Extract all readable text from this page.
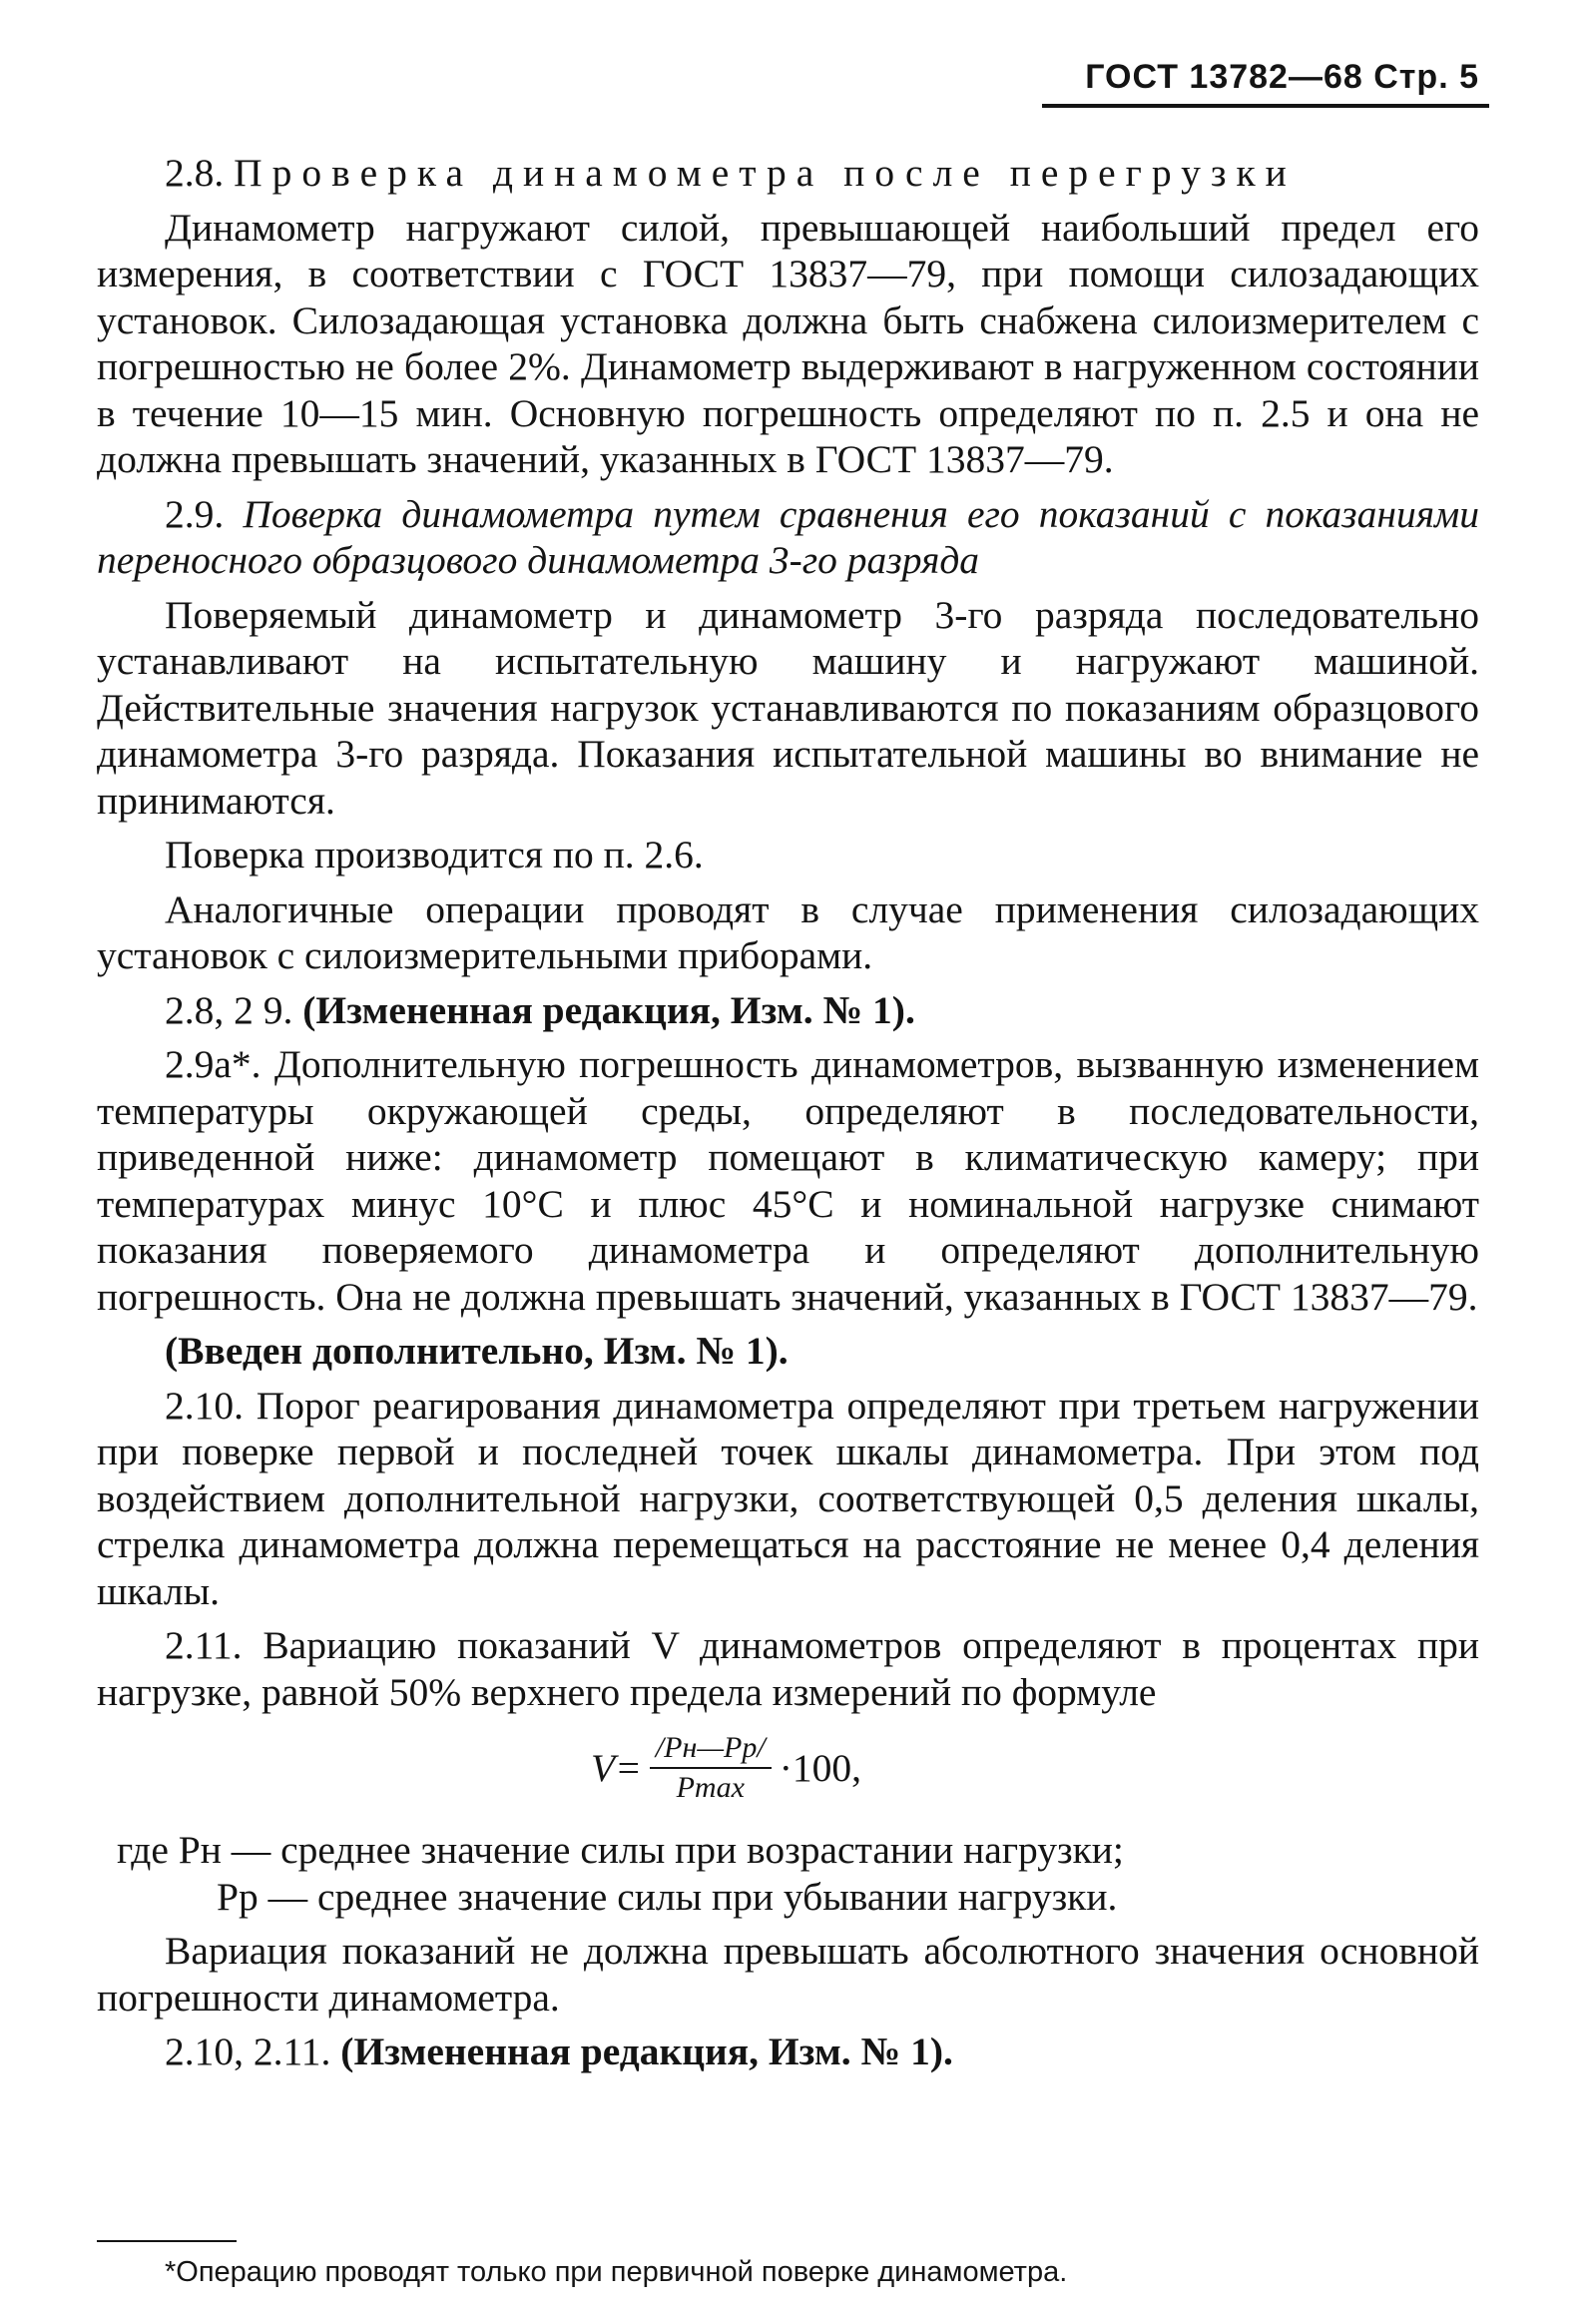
ГОСТ 13782—68 Стр. 5
2.8. Проверка динамометра после перегрузки

Динамометр нагружают силой, превышающей наибольший предел его измерения, в соответствии с ГОСТ 13837—79, при помощи силозадающих установок. Силозадающая установка должна быть снабжена силоизмерителем с погрешностью не более 2%. Динамометр выдерживают в нагруженном состоянии в течение 10—15 мин. Основную погрешность определяют по п. 2.5 и она не должна превышать значений, указанных в ГОСТ 13837—79.

2.9. Поверка динамометра путем сравнения его показаний с показаниями переносного образцового динамометра 3-го разряда

Поверяемый динамометр и динамометр 3-го разряда последовательно устанавливают на испытательную машину и нагружают машиной. Действительные значения нагрузок устанавливаются по показаниям образцового динамометра 3-го разряда. Показания испытательной машины во внимание не принимаются.

Поверка производится по п. 2.6.

Аналогичные операции проводят в случае применения силозадающих установок с силоизмерительными приборами.

2.8, 2 9. (Измененная редакция, Изм. № 1).

2.9а*. Дополнительную погрешность динамометров, вызванную изменением температуры окружающей среды, определяют в последовательности, приведенной ниже: динамометр помещают в климатическую камеру; при температурах минус 10°С и плюс 45°С и номинальной нагрузке снимают показания поверяемого динамометра и определяют дополнительную погрешность. Она не должна превышать значений, указанных в ГОСТ 13837—79.

(Введен дополнительно, Изм. № 1).

2.10. Порог реагирования динамометра определяют при третьем нагружении при поверке первой и последней точек шкалы динамометра. При этом под воздействием дополнительной нагрузки, соответствующей 0,5 деления шкалы, стрелка динамометра должна перемещаться на расстояние не менее 0,4 деления шкалы.

2.11. Вариацию показаний V динамометров определяют в процентах при нагрузке, равной 50% верхнего предела измерений по формуле

$V= \frac{/Pн—Pр/}{Pmax} \cdot 100$,
где Pн — среднее значение силы при возрастании нагрузки;
Pр — среднее значение силы при убывании нагрузки.

Вариация показаний не должна превышать абсолютного значения основной погрешности динамометра.

2.10, 2.11. (Измененная редакция, Изм. № 1).

*Операцию проводят только при первичной поверке динамометра.
